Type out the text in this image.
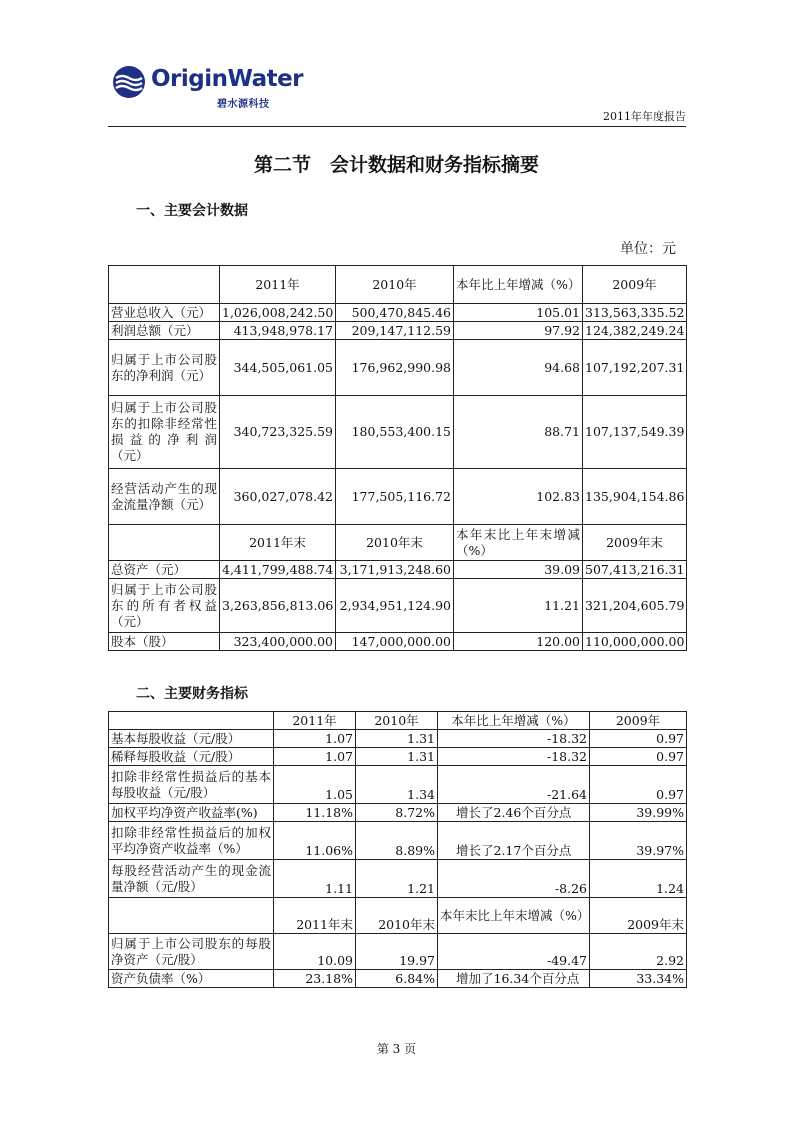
OriginWater
碧水源科技
2011年年度报告
第二节　会计数据和财务指标摘要
一、主要会计数据
单位：元
	2011年	2010年	本年比上年增减（%）	2009年
营业总收入（元）	1,026,008,242.50	500,470,845.46	105.01	313,563,335.52
利润总额（元）	413,948,978.17	209,147,112.59	97.92	124,382,249.24
归属于上市公司股东的净利润（元）	344,505,061.05	176,962,990.98	94.68	107,192,207.31
归属于上市公司股东的扣除非经常性损益的净利润（元）	340,723,325.59	180,553,400.15	88.71	107,137,549.39
经营活动产生的现金流量净额（元）	360,027,078.42	177,505,116.72	102.83	135,904,154.86
	2011年末	2010年末	本年末比上年末增减（%）	2009年末
总资产（元）	4,411,799,488.74	3,171,913,248.60	39.09	507,413,216.31
归属于上市公司股东的所有者权益（元）	3,263,856,813.06	2,934,951,124.90	11.21	321,204,605.79
股本（股）	323,400,000.00	147,000,000.00	120.00	110,000,000.00
二、主要财务指标
	2011年	2010年	本年比上年增减（%）	2009年
基本每股收益（元/股）	1.07	1.31	-18.32	0.97
稀释每股收益（元/股）	1.07	1.31	-18.32	0.97
扣除非经常性损益后的基本每股收益（元/股）	1.05	1.34	-21.64	0.97
加权平均净资产收益率(%)	11.18%	8.72%	增长了2.46个百分点	39.99%
扣除非经常性损益后的加权平均净资产收益率（%）	11.06%	8.89%	增长了2.17个百分点	39.97%
每股经营活动产生的现金流量净额（元/股）	1.11	1.21	-8.26	1.24
	2011年末	2010年末	本年末比上年末增减（%）	2009年末
归属于上市公司股东的每股净资产（元/股）	10.09	19.97	-49.47	2.92
资产负债率（%）	23.18%	6.84%	增加了16.34个百分点	33.34%
第 3 页
